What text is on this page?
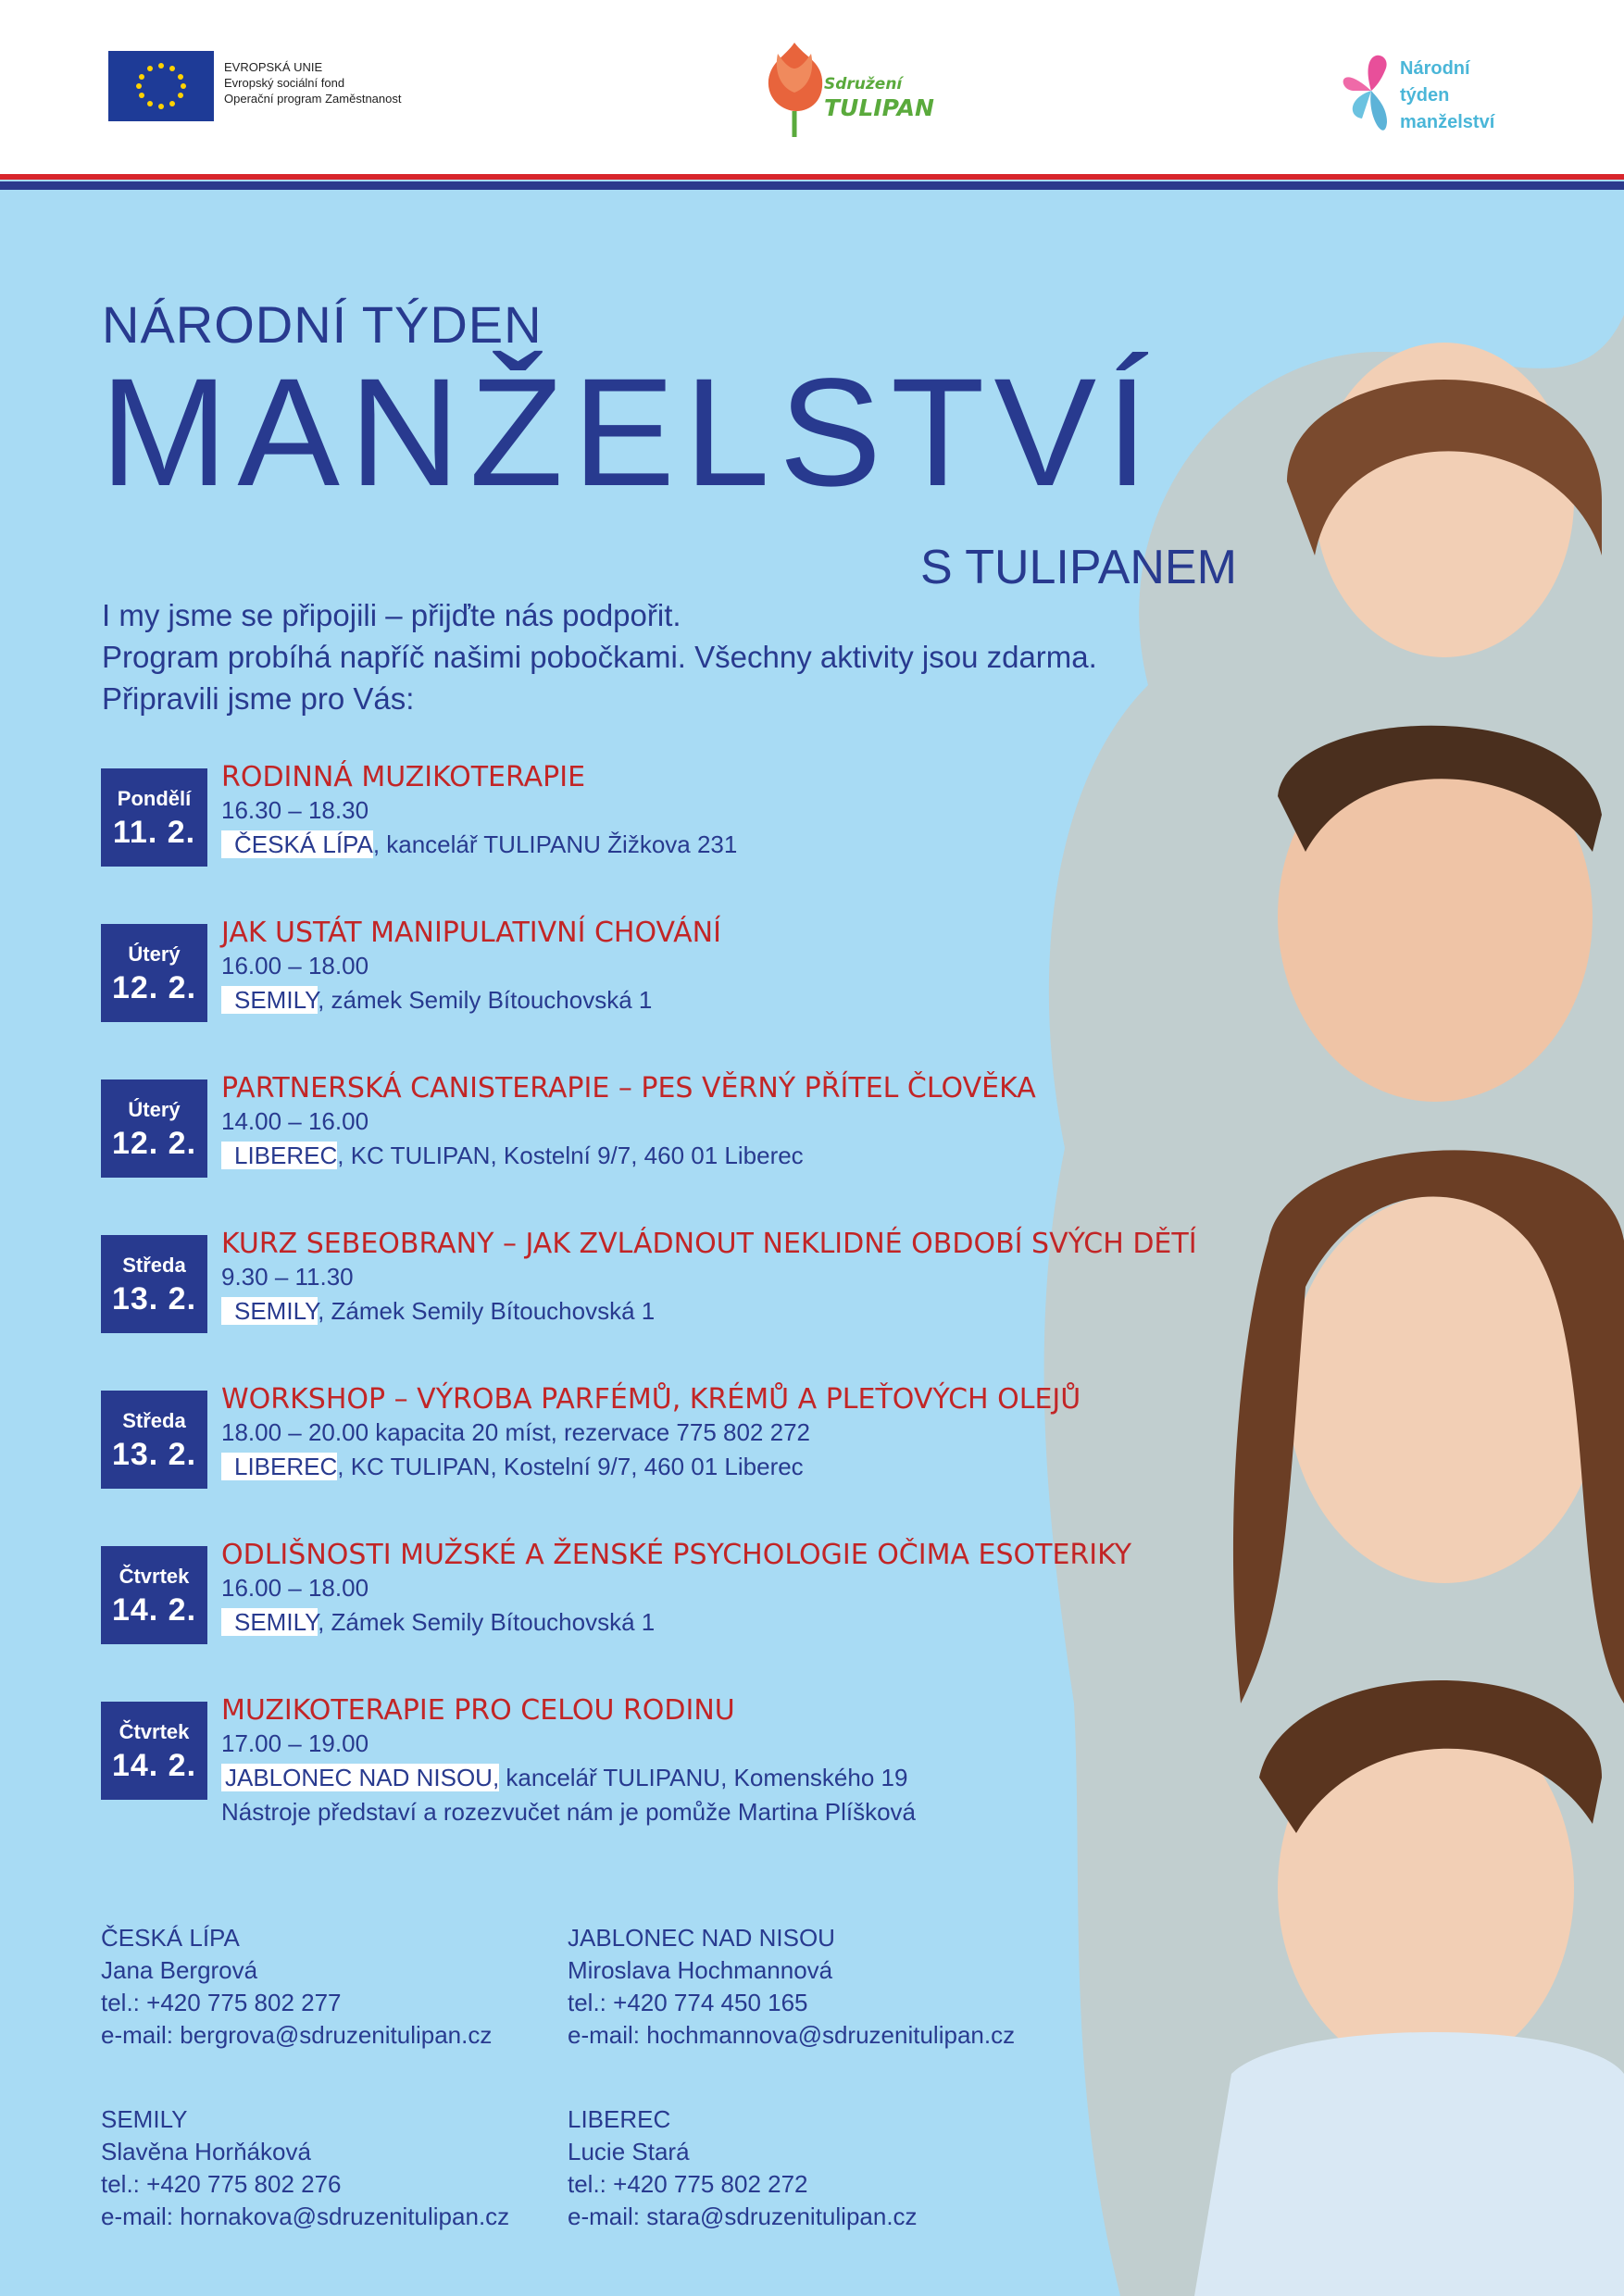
EVROPSKÁ UNIE
Evropský sociální fond
Operační program Zaměstnanost
Sdružení
TULIPAN
Národní
týden
manželství
NÁRODNÍ TÝDEN
MANŽELSTVÍ
S TULIPANEM
I my jsme se připojili – přijďte nás podpořit.
Program probíhá napříč našimi pobočkami. Všechny aktivity jsou zdarma.
Připravili jsme pro Vás:
Pondělí
11. 2.
RODINNÁ MUZIKOTERAPIE
16.30 – 18.30
ČESKÁ LÍPA, kancelář TULIPANU Žižkova 231
Úterý
12. 2.
JAK USTÁT MANIPULATIVNÍ CHOVÁNÍ
16.00 – 18.00
SEMILY, zámek Semily Bítouchovská 1
Úterý
12. 2.
PARTNERSKÁ CANISTERAPIE – PES VĚRNÝ PŘÍTEL ČLOVĚKA
14.00 – 16.00
LIBEREC, KC TULIPAN, Kostelní 9/7, 460 01 Liberec
Středa
13. 2.
KURZ SEBEOBRANY – JAK ZVLÁDNOUT NEKLIDNÉ OBDOBÍ SVÝCH DĚTÍ
9.30 – 11.30
SEMILY, Zámek Semily Bítouchovská 1
Středa
13. 2.
WORKSHOP – VÝROBA PARFÉMŮ, KRÉMŮ A PLEŤOVÝCH OLEJŮ
18.00 – 20.00 kapacita 20 míst, rezervace 775 802 272
LIBEREC, KC TULIPAN, Kostelní 9/7, 460 01 Liberec
Čtvrtek
14. 2.
ODLIŠNOSTI MUŽSKÉ A ŽENSKÉ PSYCHOLOGIE OČIMA ESOTERIKY
16.00 – 18.00
SEMILY, Zámek Semily Bítouchovská 1
Čtvrtek
14. 2.
MUZIKOTERAPIE PRO CELOU RODINU
17.00 – 19.00
JABLONEC NAD NISOU, kancelář TULIPANU, Komenského 19
Nástroje představí a rozezvučet nám je pomůže Martina Plíšková
ČESKÁ LÍPA
Jana Bergrová
tel.: +420 775 802 277
e-mail: bergrova@sdruzenitulipan.cz
JABLONEC NAD NISOU
Miroslava Hochmannová
tel.: +420 774 450 165
e-mail: hochmannova@sdruzenitulipan.cz
SEMILY
Slavěna Horňáková
tel.: +420 775 802 276
e-mail: hornakova@sdruzenitulipan.cz
LIBEREC
Lucie Stará
tel.: +420 775 802 272
e-mail: stara@sdruzenitulipan.cz
